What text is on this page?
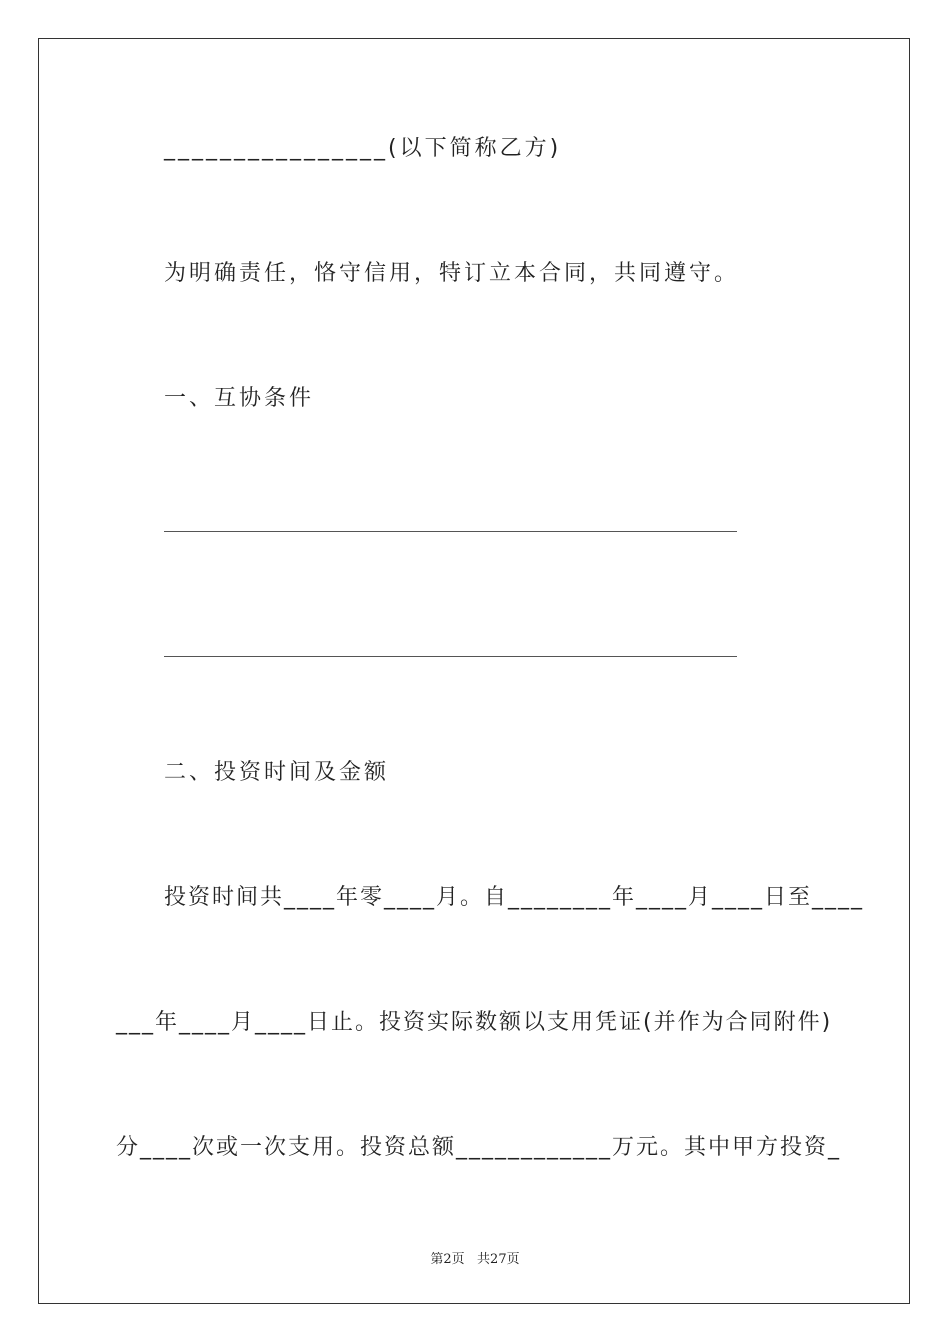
________________(以下简称乙方)
为明确责任，恪守信用，特订立本合同，共同遵守。
一、互协条件
二、投资时间及金额
投资时间共____年零____月。自________年____月____日至____
___年____月____日止。投资实际数额以支用凭证(并作为合同附件)
分____次或一次支用。投资总额____________万元。其中甲方投资_
第2页   共27页
